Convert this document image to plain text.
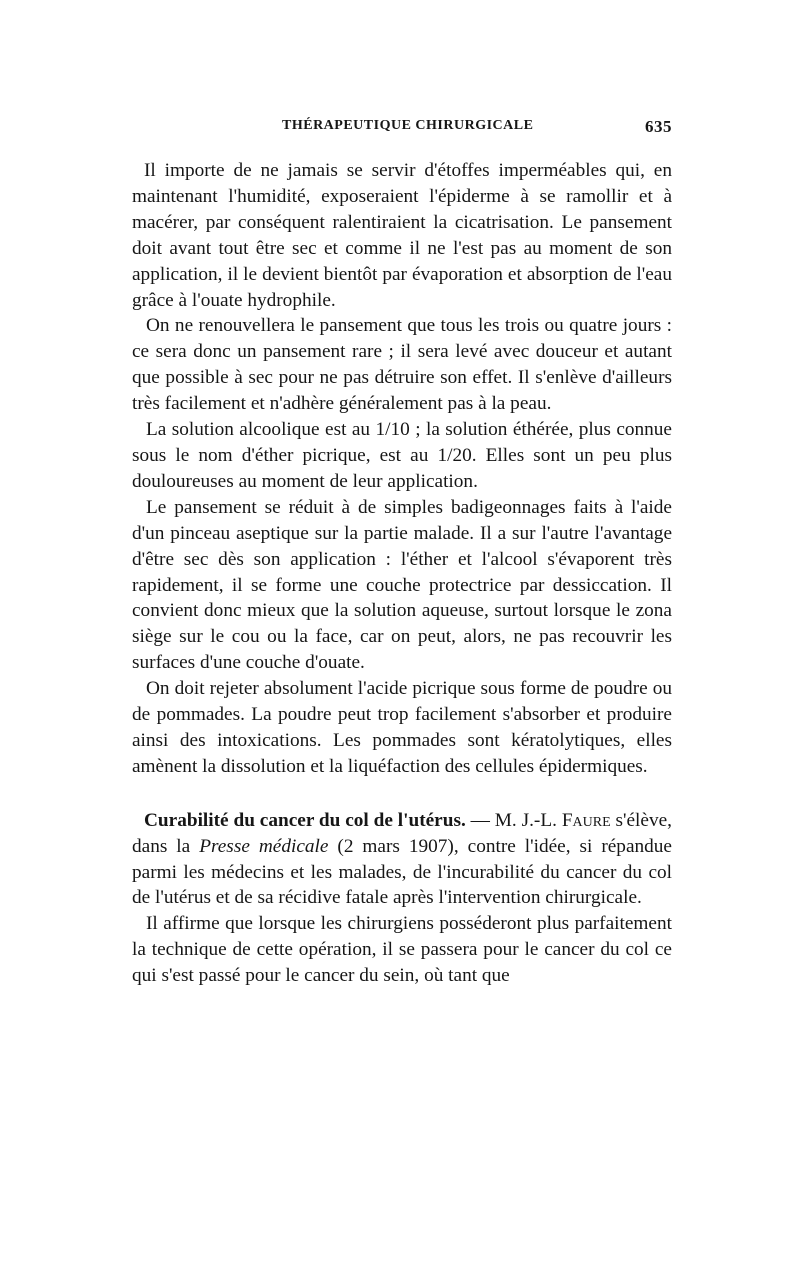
THÉRAPEUTIQUE CHIRURGICALE	635

Il importe de ne jamais se servir d'étoffes imperméables qui, en maintenant l'humidité, exposeraient l'épiderme à se ramollir et à macérer, par conséquent ralentiraient la cicatrisation. Le pansement doit avant tout être sec et comme il ne l'est pas au moment de son application, il le devient bientôt par évaporation et absorption de l'eau grâce à l'ouate hydrophile.

On ne renouvellera le pansement que tous les trois ou quatre jours : ce sera donc un pansement rare ; il sera levé avec douceur et autant que possible à sec pour ne pas détruire son effet. Il s'enlève d'ailleurs très facilement et n'adhère généralement pas à la peau.

La solution alcoolique est au 1/10 ; la solution éthérée, plus connue sous le nom d'éther picrique, est au 1/20. Elles sont un peu plus douloureuses au moment de leur application.

Le pansement se réduit à de simples badigeonnages faits à l'aide d'un pinceau aseptique sur la partie malade. Il a sur l'autre l'avantage d'être sec dès son application : l'éther et l'alcool s'évaporent très rapidement, il se forme une couche protectrice par dessiccation. Il convient donc mieux que la solution aqueuse, surtout lorsque le zona siège sur le cou ou la face, car on peut, alors, ne pas recouvrir les surfaces d'une couche d'ouate.

On doit rejeter absolument l'acide picrique sous forme de poudre ou de pommades. La poudre peut trop facilement s'absorber et produire ainsi des intoxications. Les pommades sont kératolytiques, elles amènent la dissolution et la liquéfaction des cellules épidermiques.

Curabilité du cancer du col de l'utérus. — M. J.-L. Faure s'élève, dans la Presse médicale (2 mars 1907), contre l'idée, si répandue parmi les médecins et les malades, de l'incurabilité du cancer du col de l'utérus et de sa récidive fatale après l'intervention chirurgicale.

Il affirme que lorsque les chirurgiens posséderont plus parfaitement la technique de cette opération, il se passera pour le cancer du col ce qui s'est passé pour le cancer du sein, où tant que
